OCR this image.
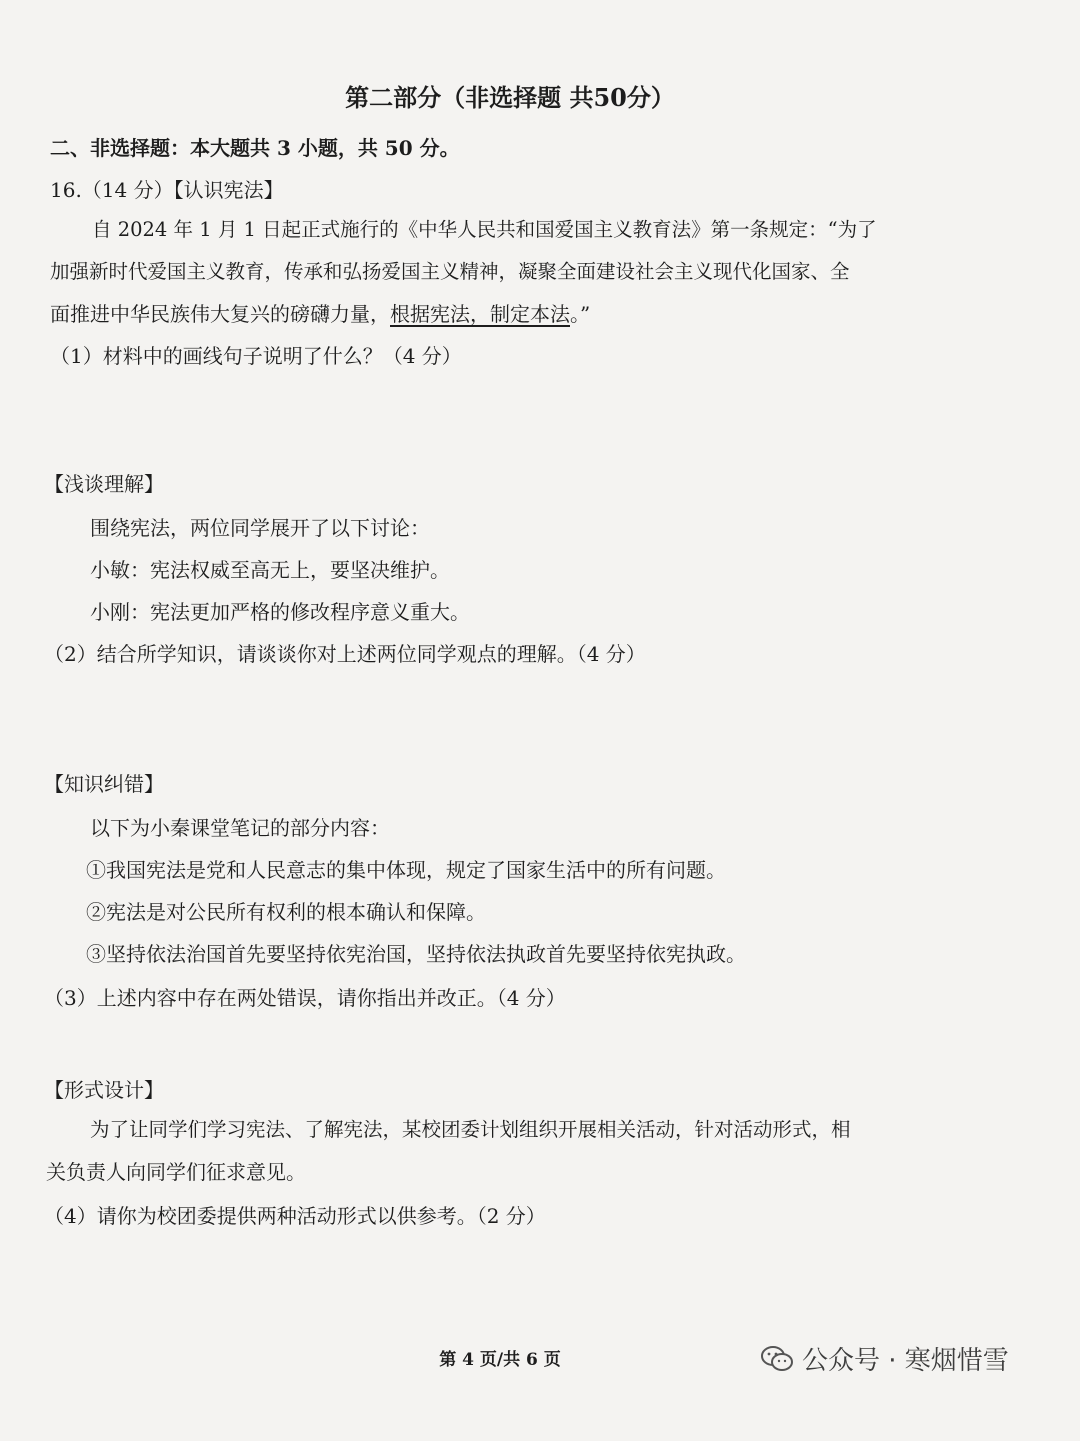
第二部分（非选择题 共50分）
二、非选择题：本大题共 3 小题，共 50 分。
16.（14 分）【认识宪法】
自 2024 年 1 月 1 日起正式施行的《中华人民共和国爱国主义教育法》第一条规定：“为了
加强新时代爱国主义教育，传承和弘扬爱国主义精神，凝聚全面建设社会主义现代化国家、全
面推进中华民族伟大复兴的磅礴力量，根据宪法，制定本法。”
（1）材料中的画线句子说明了什么？（4 分）
【浅谈理解】
围绕宪法，两位同学展开了以下讨论：
小敏：宪法权威至高无上，要坚决维护。
小刚：宪法更加严格的修改程序意义重大。
（2）结合所学知识，请谈谈你对上述两位同学观点的理解。（4 分）
【知识纠错】
以下为小秦课堂笔记的部分内容：
①我国宪法是党和人民意志的集中体现，规定了国家生活中的所有问题。
②宪法是对公民所有权利的根本确认和保障。
③坚持依法治国首先要坚持依宪治国，坚持依法执政首先要坚持依宪执政。
（3）上述内容中存在两处错误，请你指出并改正。（4 分）
【形式设计】
为了让同学们学习宪法、了解宪法，某校团委计划组织开展相关活动，针对活动形式，相
关负责人向同学们征求意见。
（4）请你为校团委提供两种活动形式以供参考。（2 分）
第 4 页/共 6 页	公众号 · 寒烟惜雪
